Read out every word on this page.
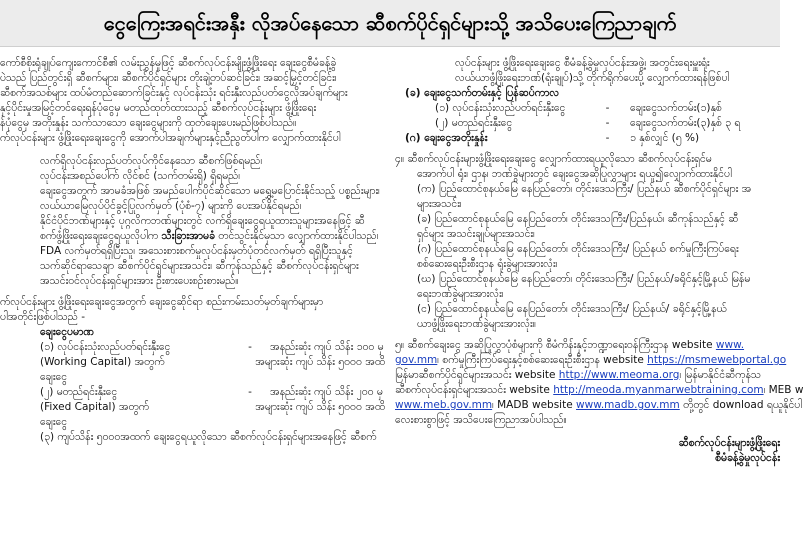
ငွေကြေးအရင်းအနှီး လိုအပ်နေသော ဆီစက်ပိုင်ရှင်များသို့ အသိပေးကြေညာချက်
ကော်စီစိုးရုံချုပ်ကျေးကောင်စီ၏ လမ်းညွှန်မှုဖြင့် ဆီစက်လုပ်ငန်းမျိုးဖွံ့ဖြိုးရေး ချေးငွေစီမံခန့်ခွဲ
ပဲသည် ပြည်တွင်းရှိ ဆီစက်များ၊ ဆီစက်ပိုင်ရှင်များ တိုးချဲ့တပ်ဆင်ခြင်း၊ အဆင့်မြှင့်တင်ခြင်း၊
ဆီစက်အသစ်များ ထပ်မံတည်ဆောက်ခြင်းနှင့် လုပ်ငန်းသုံး ရင်းနှီးလည်ပတ်ငွေလိုအပ်ချက်များ
နှင့်ပိုင်းမှုအမြင့်တင်ရေးရန်ပုံငွေမှ မတည်ထုတ်ထားသည့် ဆီစက်လုပ်ငန်းများ ဖွံ့ဖြိုးရေး
န်ပုံငွေမှ အတိုးနှုန်း သက်သာသော ချေးငွေများကို ထုတ်ချေးပေးမည်ဖြစ်ပါသည်။
က်လုပ်ငန်းများ ဖွံ့ဖြိုးရေးချေးငွေကို အောက်ပါအချက်များနှင့်ညီညွတ်ပါက လျှောက်ထားနိုင်ပါ
လက်ရှိလုပ်ငန်းလည်ပတ်လုပ်ကိုင်နေသော ဆီစက်ဖြစ်ရမည်၊
လုပ်ငန်းအစည်ပေါက် လိုင်စင် (သက်တမ်းရှိ) ရှိရမည်၊
ချေးငွေအတွက် အာမခံအဖြစ် အမည်ပေါက်ပိုင်ဆိုင်သော မရွှေ့မပြောင်းနိုင်သည့် ပစ္စည်းများ၊
လယ်ယာမြေလုပ်ပိုင်ခွင့်ပြုလက်မှတ် (ပုံစံ-၇) များကို ပေးအပ်နိုင်ရမည်၊
နိုင်ငံပိုင်ဘဏ်များနှင့် ပုဂ္ဂလိကဘဏ်များတွင် လက်ရှိချေးငွေရယူထားသူများအနေဖြင့် ဆီ
စက်ဖွံ့ဖြိုးရေးချေးငွေရယူလိုပါက သီးခြားအာမခံ တင်သွင်းနိုင်မှသာ လျှောက်ထားနိုင်ပါသည်၊
FDA လက်မှတ်ရရှိပြီးသူ၊ အသေးစားစက်မှုလုပ်ငန်းမှတ်ပုံတင်လက်မှတ် ရရှိပြီးသူနှင့်
သက်ဆိုင်ရာသေချာ ဆီစက်ပိုင်ရှင်များအသင်း၊ ဆီကုန်သည်နှင့် ဆီစက်လုပ်ငန်းရှင်များ
အသင်းဝင်လုပ်ငန်းရှင်များအား ဦးစားပေးစဉ်းစားမည်။
က်လုပ်ငန်းများ ဖွံ့ဖြိုးရေးချေးငွေအတွက် ချေးငွေဆိုင်ရာ စည်းကမ်းသတ်မှတ်ချက်များမှာ
ပါအတိုင်းဖြစ်ပါသည် -
ချေးငွေပမာဏ
(၁) လုပ်ငန်းသုံးလည်ပတ်ရင်းနှီးငွေ	-	အနည်းဆုံး ကျပ် သိန်း ၁၀၀ မှ
(Working Capital) အတွက်	အများဆုံး ကျပ် သိန်း ၅၀၀၀ အထိ
ချေးငွေ
(၂) မတည်ရင်းနှီးငွေ	-	အနည်းဆုံး ကျပ် သိန်း ၂၀၀ မှ
(Fixed Capital) အတွက်	အများဆုံး ကျပ် သိန်း ၅၀၀၀ အထိ
ချေးငွေ
(၃) ကျပ်သိန်း ၅၀၀၀အထက် ချေးငွေရယူလိုသော ဆီစက်လုပ်ငန်းရှင်များအနေဖြင့် ဆီစက်
လုပ်ငန်းများ ဖွံ့ဖြိုးရေးချေးငွေ စီမံခန့်ခွဲမှုလုပ်ငန်းအဖွဲ့၊ အတွင်းရေးမှူးရုံး
လယ်ယာဖွံ့ဖြိုးရေးဘဏ်(ရုံးချုပ်)သို့ တိုက်ရိုက်ပေးပို့ လျှောက်ထားရန်ဖြစ်ပါ
(ခ) ချေးငွေသက်တမ်းနှင့် ပြန်ဆပ်ကာလ
(၁) လုပ်ငန်းသုံးလည်ပတ်ရင်းနှီးငွေ	-	ချေးငွေသက်တမ်း(၁)နှစ်
(၂) မတည်ရင်းနှီးငွေ	-	ချေးငွေသက်တမ်း(၃)နှစ် ၃ ရ
(ဂ) ချေးငွေအတိုးနှုန်း	-	၁ နှစ်လျှင် (၅ %)
၄။ ဆီစက်လုပ်ငန်းများဖွံ့ဖြိုးရေးချေးငွေ လျှောက်ထားရယူလိုသော ဆီစက်လုပ်ငန်းရှင်မ
အောက်ပါ ရုံး၊ ဌာန၊ ဘဏ်ခွဲများတွင် ချေးငွေအဆိုပြုလွှာများ ရယူ၍လျှောက်ထားနိုင်ပါ
(က) ပြည်ထောင်စုနယ်မြေ နေပြည်တော်၊ တိုင်းဒေသကြီး/ ပြည်နယ် ဆီစက်ပိုင်ရှင်များ အ
များအသင်း၊
(ခ) ပြည်ထောင်စုနယ်မြေ နေပြည်တော်၊ တိုင်းဒေသကြီး/ပြည်နယ်၊ ဆီကုန်သည်နှင့် ဆီ
ရှင်များ အသင်းချုပ်များအသင်း၊
(ဂ) ပြည်ထောင်စုနယ်မြေ နေပြည်တော်၊ တိုင်းဒေသကြီး/ ပြည်နယ် စက်မှုကြီးကြပ်ရေး
စစ်ဆေးရေးဦးစီးဌာန ရုံးခွဲများအားလုံး၊
(ဃ) ပြည်ထောင်စုနယ်မြေ နေပြည်တော်၊ တိုင်းဒေသကြီး/ ပြည်နယ်/ခရိုင်နှင့်မြို့နယ် မြန်မ
ရေးဘဏ်ခွဲများအားလုံး၊
(င) ပြည်ထောင်စုနယ်မြေ နေပြည်တော်၊ တိုင်းဒေသကြီး/ ပြည်နယ်/ ခရိုင်နှင့်မြို့နယ်
ယာဖွံ့ဖြိုးရေးဘဏ်ခွဲများအားလုံး။
၅။ ဆီစက်ချေးငွေ အဆိုပြုလွှာပုံစံများကို စီမံကိန်းနှင့်ဘဏ္ဍာရေးဝန်ကြီးဌာန website www.
gov.mm၊ စက်မှုကြီးကြပ်ရေးနှင့်စစ်ဆေးရေးဦးစီးဌာန website https://msmewebportal.go
မြန်မာဆီစက်ပိုင်ရှင်များအသင်း website http://www.meoma.org၊ မြန်မာနိုင်ငံဆီကုန်သ
ဆီစက်လုပ်ငန်းရှင်များအသင်း website http://meoda.myanmarwebtraining.com၊ MEB w
www.meb.gov.mm၊ MADB website www.madb.gov.mm တို့တွင် download ရယူနိုင်ပါ
လေးစားစွာဖြင့် အသိပေးကြေညာအပ်ပါသည်။
ဆီစက်လုပ်ငန်းများဖွံ့ဖြိုးရေး
စီမံခန့်ခွဲမှုလုပ်ငန်း
